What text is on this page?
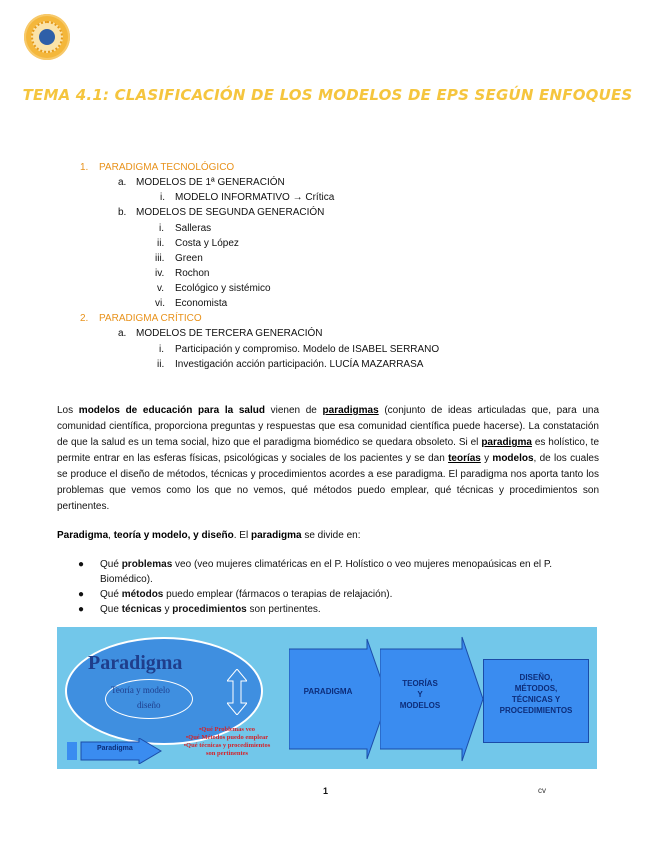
TEMA 4.1: CLASIFICACIÓN DE LOS MODELOS DE EPS SEGÚN ENFOQUES
1. PARADIGMA TECNOLÓGICO
a. MODELOS DE 1ª GENERACIÓN
i. MODELO INFORMATIVO → Crítica
b. MODELOS DE SEGUNDA GENERACIÓN
i. Salleras
ii. Costa y López
iii. Green
iv. Rochon
v. Ecológico y sistémico
vi. Economista
2. PARADIGMA CRÍTICO
a. MODELOS DE TERCERA GENERACIÓN
i. Participación y compromiso. Modelo de ISABEL SERRANO
ii. Investigación acción participación. LUCÍA MAZARRASA
Los modelos de educación para la salud vienen de paradigmas (conjunto de ideas articuladas que, para una comunidad científica, proporciona preguntas y respuestas que esa comunidad científica puede hacerse). La constatación de que la salud es un tema social, hizo que el paradigma biomédico se quedara obsoleto. Si el paradigma es holístico, te permite entrar en las esferas físicas, psicológicas y sociales de los pacientes y se dan teorías y modelos, de los cuales se produce el diseño de métodos, técnicas y procedimientos acordes a ese paradigma. El paradigma nos aporta tanto los problemas que vemos como los que no vemos, qué métodos puedo emplear, qué técnicas y procedimientos son pertinentes.
Paradigma, teoría y modelo, y diseño. El paradigma se divide en:
● Qué problemas veo (veo mujeres climatéricas en el P. Holístico o veo mujeres menopaúsicas en el P. Biomédico).
● Qué métodos puedo emplear (fármacos o terapias de relajación).
● Que técnicas y procedimientos son pertinentes.
Paradigma
Teoría y modelo
diseño
Paradigma
•Qué Problemas veo
•Qué Métodos puedo emplear
•Qué técnicas y procedimientos
son pertinentes
PARADIGMA
TEORÍAS
Y
MODELOS
DISEÑO,
MÉTODOS,
TÉCNICAS Y
PROCEDIMIENTOS
1	cv
